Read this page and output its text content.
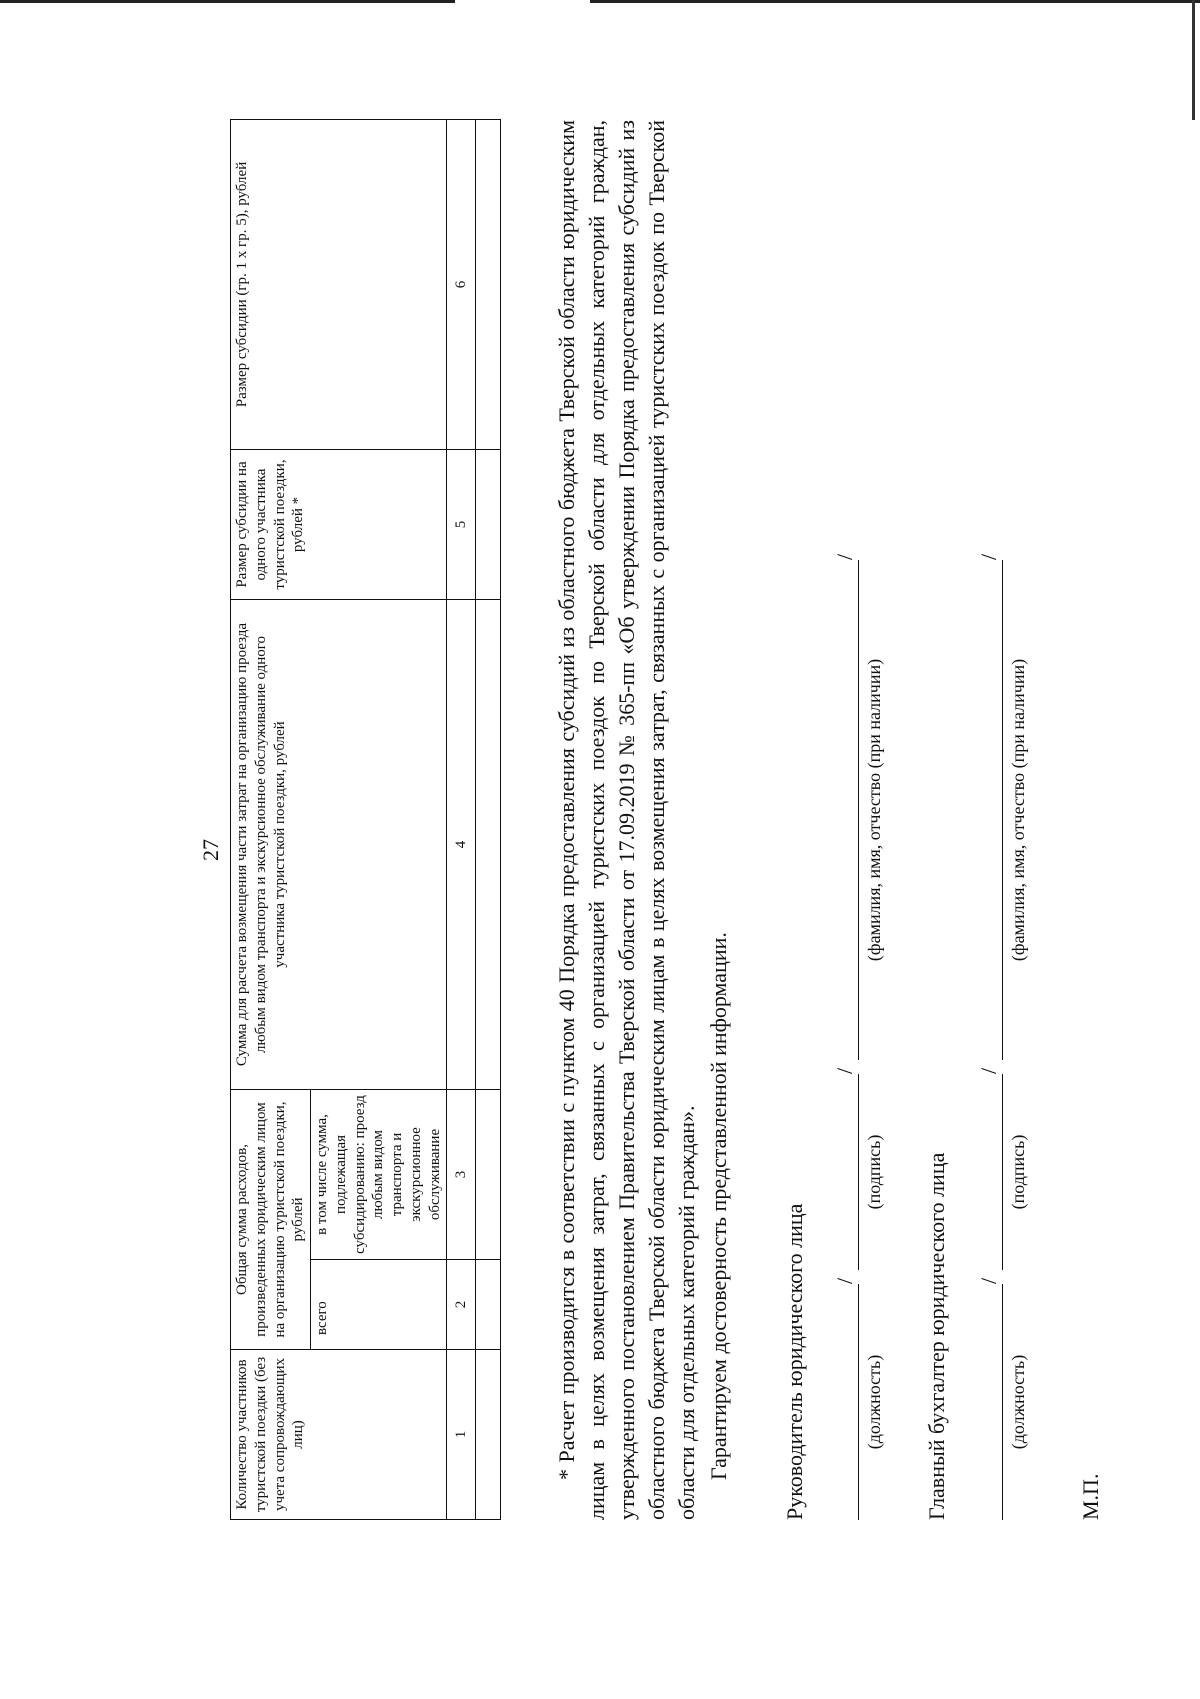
27
Количество участников туристской поездки (без учета сопровождающих лиц)	Общая сумма расходов, произведенных юридическим лицом на организацию туристской поездки, рублей		Сумма для расчета возмещения части затрат на организацию проезда любым видом транспорта и экскурсионное обслуживание одного участника туристской поездки, рублей	Размер субсидии на одного участника туристской поездки, рублей *	Размер субсидии (гр. 1 х гр. 5), рублей
	всего	в том числе сумма, подлежащая субсидированию: проезд любым видом транспорта и экскурсионное обслуживание			
1	2	3	4	5	6
						* Расчет производится в соответствии с пунктом 40 Порядка предоставления субсидий из областного бюджета Тверской области юридическим лицам в целях возмещения затрат, связанных с организацией туристских поездок по Тверской области для отдельных категорий граждан, утвержденного постановлением Правительства Тверской области от 17.09.2019 № 365-пп «Об утверждении Порядка предоставления субсидий из областного бюджета Тверской области юридическим лицам в целях возмещения затрат, связанных с организацией туристских поездок по Тверской области для отдельных категорий граждан». Гарантируем достоверность представленной информации. Руководитель юридического лица /
/
/
(должность)
(подпись)
(фамилия, имя, отчество (при наличии)
Главный бухгалтер юридического лица /
/
/
(должность)
(подпись)
(фамилия, имя, отчество (при наличии)
М.П.
